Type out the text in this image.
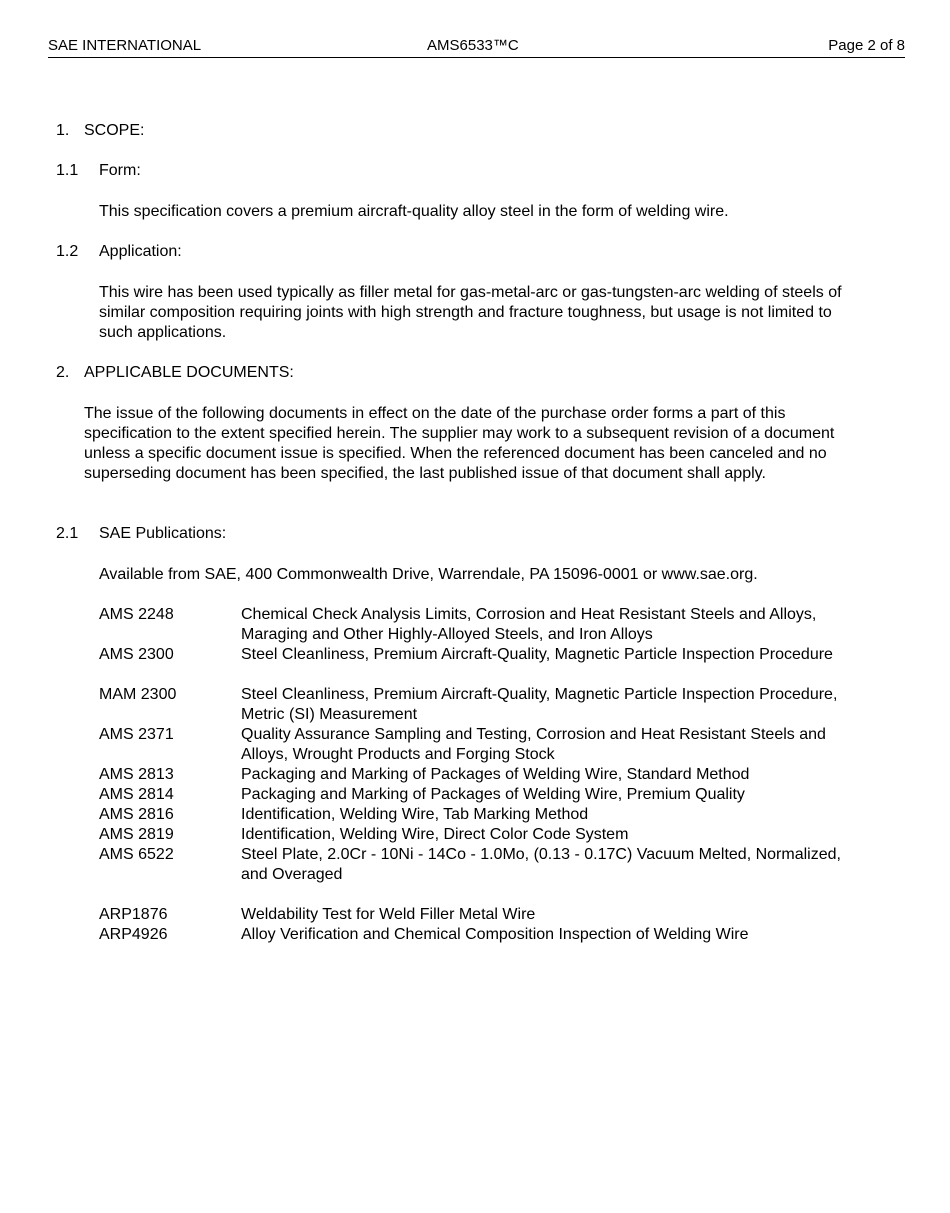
SAE INTERNATIONAL	AMS6533™C	Page 2 of 8
1. SCOPE:
1.1 Form:
This specification covers a premium aircraft-quality alloy steel in the form of welding wire.
1.2 Application:
This wire has been used typically as filler metal for gas-metal-arc or gas-tungsten-arc welding of steels of similar composition requiring joints with high strength and fracture toughness, but usage is not limited to such applications.
2. APPLICABLE DOCUMENTS:
The issue of the following documents in effect on the date of the purchase order forms a part of this specification to the extent specified herein. The supplier may work to a subsequent revision of a document unless a specific document issue is specified. When the referenced document has been canceled and no superseding document has been specified, the last published issue of that document shall apply.
2.1 SAE Publications:
Available from SAE, 400 Commonwealth Drive, Warrendale, PA 15096-0001 or www.sae.org.
AMS 2248	Chemical Check Analysis Limits, Corrosion and Heat Resistant Steels and Alloys, Maraging and Other Highly-Alloyed Steels, and Iron Alloys
AMS 2300	Steel Cleanliness, Premium Aircraft-Quality, Magnetic Particle Inspection Procedure
MAM 2300	Steel Cleanliness, Premium Aircraft-Quality, Magnetic Particle Inspection Procedure, Metric (SI) Measurement
AMS 2371	Quality Assurance Sampling and Testing, Corrosion and Heat Resistant Steels and Alloys, Wrought Products and Forging Stock
AMS 2813	Packaging and Marking of Packages of Welding Wire, Standard Method
AMS 2814	Packaging and Marking of Packages of Welding Wire, Premium Quality
AMS 2816	Identification, Welding Wire, Tab Marking Method
AMS 2819	Identification, Welding Wire, Direct Color Code System
AMS 6522	Steel Plate, 2.0Cr - 10Ni - 14Co - 1.0Mo, (0.13 - 0.17C) Vacuum Melted, Normalized, and Overaged
ARP1876	Weldability Test for Weld Filler Metal Wire
ARP4926	Alloy Verification and Chemical Composition Inspection of Welding Wire
